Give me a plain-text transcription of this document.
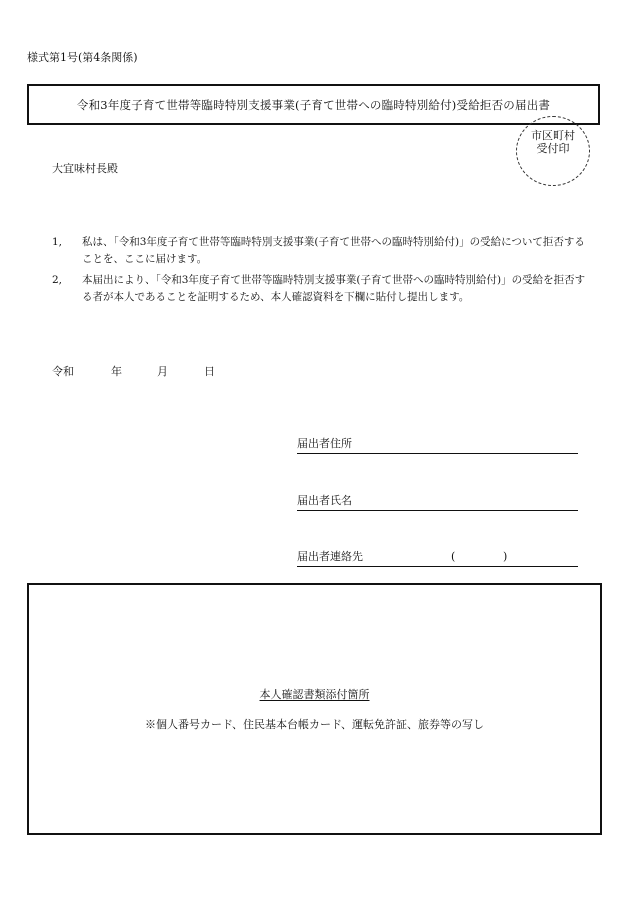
様式第1号(第4条関係)
令和3年度子育て世帯等臨時特別支援事業(子育て世帯への臨時特別給付)受給拒否の届出書
市区町村
受付印
大宜味村長殿
1,	私は、「令和3年度子育て世帯等臨時特別支援事業(子育て世帯への臨時特別給付)」の受給について拒否することを、ここに届けます。
2,	本届出により、「令和3年度子育て世帯等臨時特別支援事業(子育て世帯への臨時特別給付)」の受給を拒否する者が本人であることを証明するため、本人確認資料を下欄に貼付し提出します。
令和	年	月	日
届出者住所
届出者氏名
届出者連絡先	(	)
本人確認書類添付箇所
※個人番号カード、住民基本台帳カード、運転免許証、旅券等の写し
